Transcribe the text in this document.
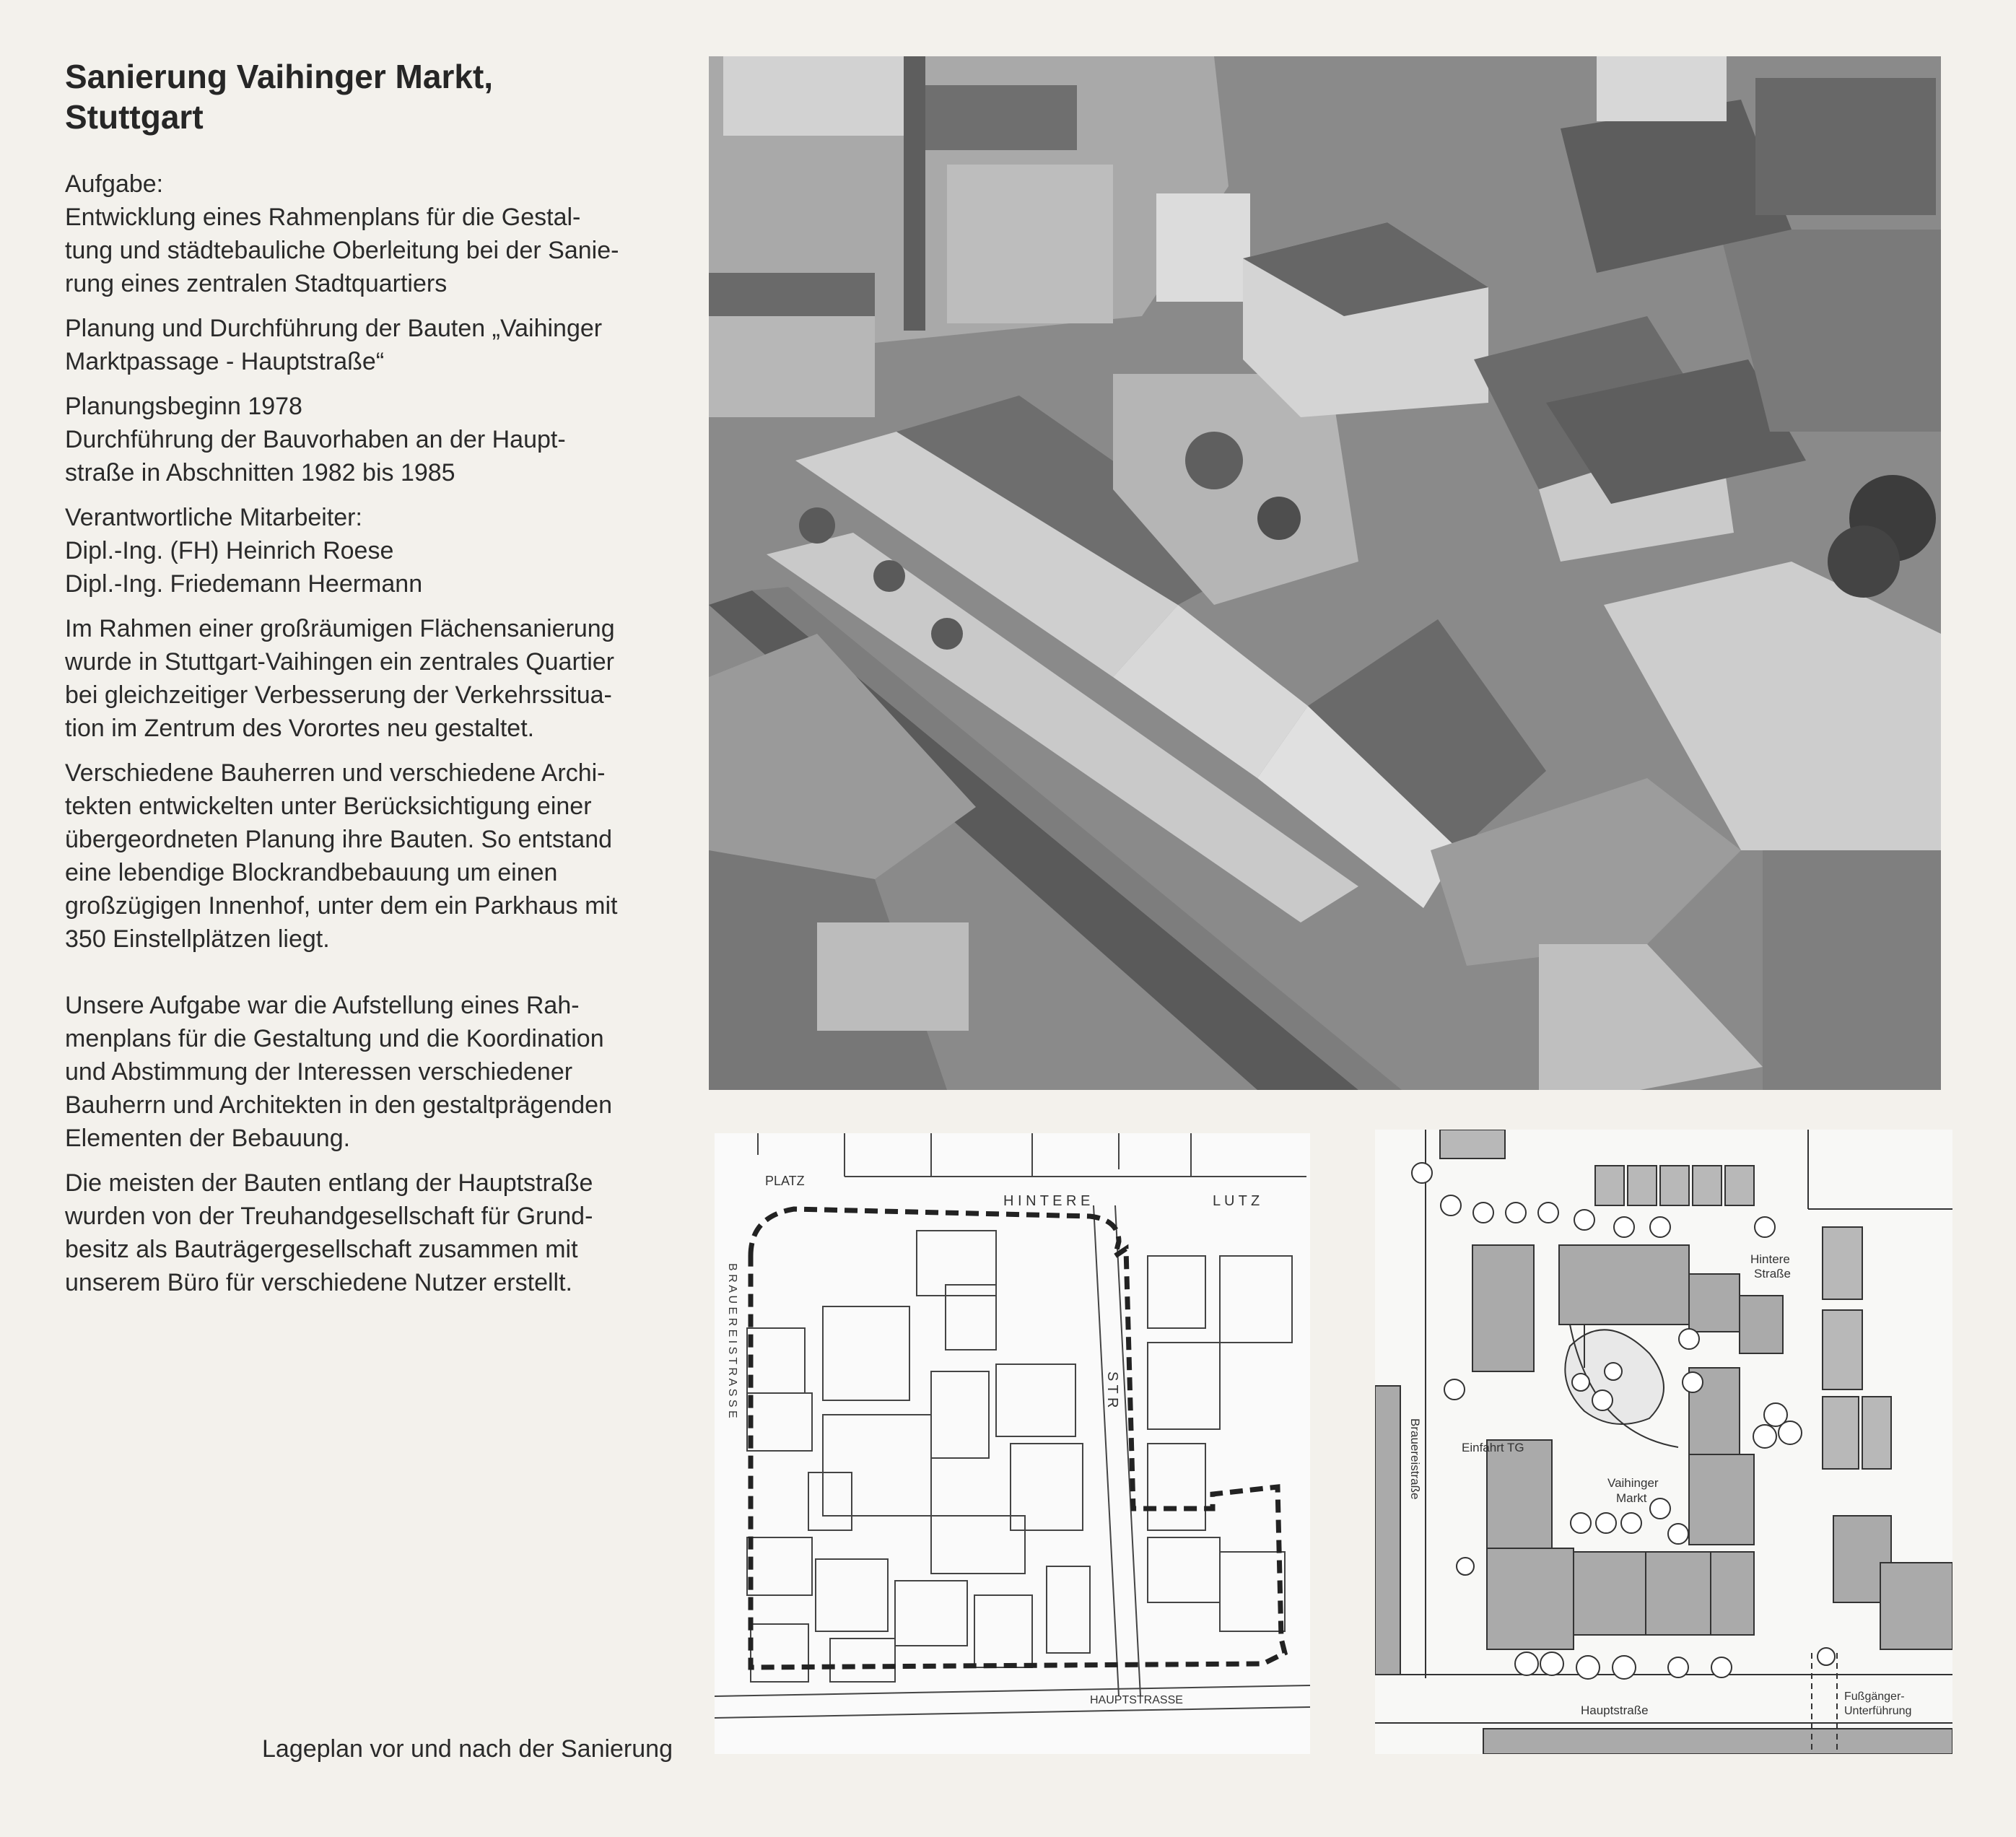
Sanierung Vaihinger Markt,
Stuttgart
Aufgabe:
Entwicklung eines Rahmenplans für die Gestal-
tung und städtebauliche Oberleitung bei der Sanie-
rung eines zentralen Stadtquartiers
Planung und Durchführung der Bauten „Vaihinger
Marktpassage - Hauptstraße“
Planungsbeginn 1978
Durchführung der Bauvorhaben an der Haupt-
straße in Abschnitten 1982 bis 1985
Verantwortliche Mitarbeiter:
Dipl.-Ing. (FH) Heinrich Roese
Dipl.-Ing. Friedemann Heermann
Im Rahmen einer großräumigen Flächensanierung
wurde in Stuttgart-Vaihingen ein zentrales Quartier
bei gleichzeitiger Verbesserung der Verkehrssitua-
tion im Zentrum des Vorortes neu gestaltet.
Verschiedene Bauherren und verschiedene Archi-
tekten entwickelten unter Berücksichtigung einer
übergeordneten Planung ihre Bauten. So entstand
eine lebendige Blockrandbebauung um einen
großzügigen Innenhof, unter dem ein Parkhaus mit
350 Einstellplätzen liegt.
Unsere Aufgabe war die Aufstellung eines Rah-
menplans für die Gestaltung und die Koordination
und Abstimmung der Interessen verschiedener
Bauherrn und Architekten in den gestaltprägenden
Elementen der Bebauung.
Die meisten der Bauten entlang der Hauptstraße
wurden von der Treuhandgesellschaft für Grund-
besitz als Bauträgergesellschaft zusammen mit
unserem Büro für verschiedene Nutzer erstellt.
Lageplan vor und nach der Sanierung
PLATZ
H I N T E R E	L U T Z
B R A U E R E I S T R A S S E	S T R
HAUPTSTRASSE
Hintere
Straße
Einfahrt TG
Vaihinger
Markt
Brauereistraße
Hauptstraße
Fußgänger-
Unterführung
